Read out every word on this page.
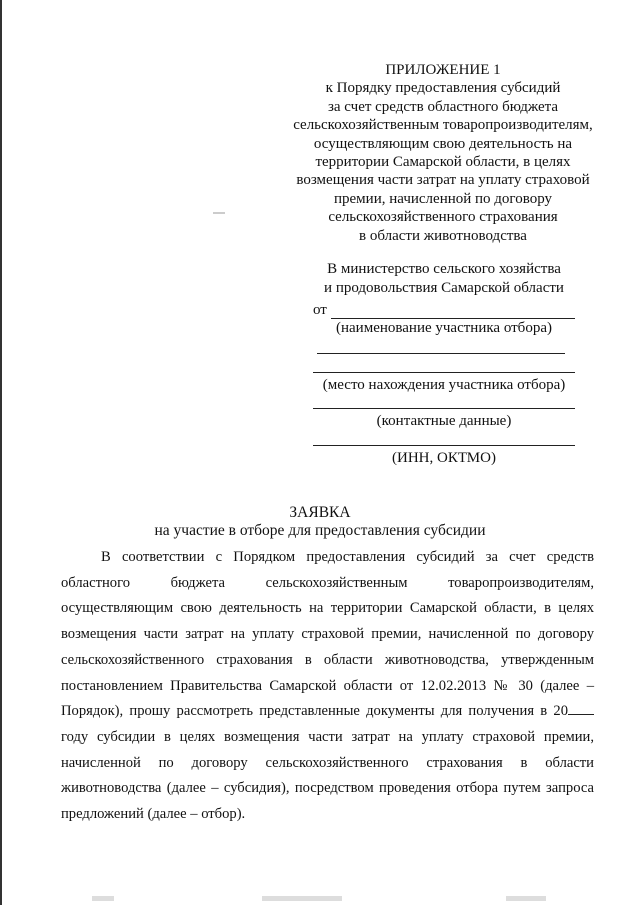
ПРИЛОЖЕНИЕ 1
к Порядку предоставления субсидий
за счет средств областного бюджета
сельскохозяйственным товаропроизводителям,
осуществляющим свою деятельность на
территории Самарской области, в целях
возмещения части затрат на уплату страховой
премии, начисленной по договору
сельскохозяйственного страхования
в области животноводства
В министерство сельского хозяйства
и продовольствия Самарской области
от
(наименование участника отбора)
(место нахождения участника отбора)
(контактные данные)
(ИНН, ОКТМО)
ЗАЯВКА
на участие в отборе для предоставления субсидии

В соответствии с Порядком предоставления субсидий за счет средств областного бюджета сельскохозяйственным товаропроизводителям, осуществляющим свою деятельность на территории Самарской области, в целях возмещения части затрат на уплату страховой премии, начисленной по договору сельскохозяйственного страхования в области животноводства, утвержденным постановлением Правительства Самарской области от 12.02.2013 № 30 (далее – Порядок), прошу рассмотреть представленные документы для получения в 20 году субсидии в целях возмещения части затрат на уплату страховой премии, начисленной по договору сельскохозяйственного страхования в области животноводства (далее – субсидия), посредством проведения отбора путем запроса предложений (далее – отбор).
